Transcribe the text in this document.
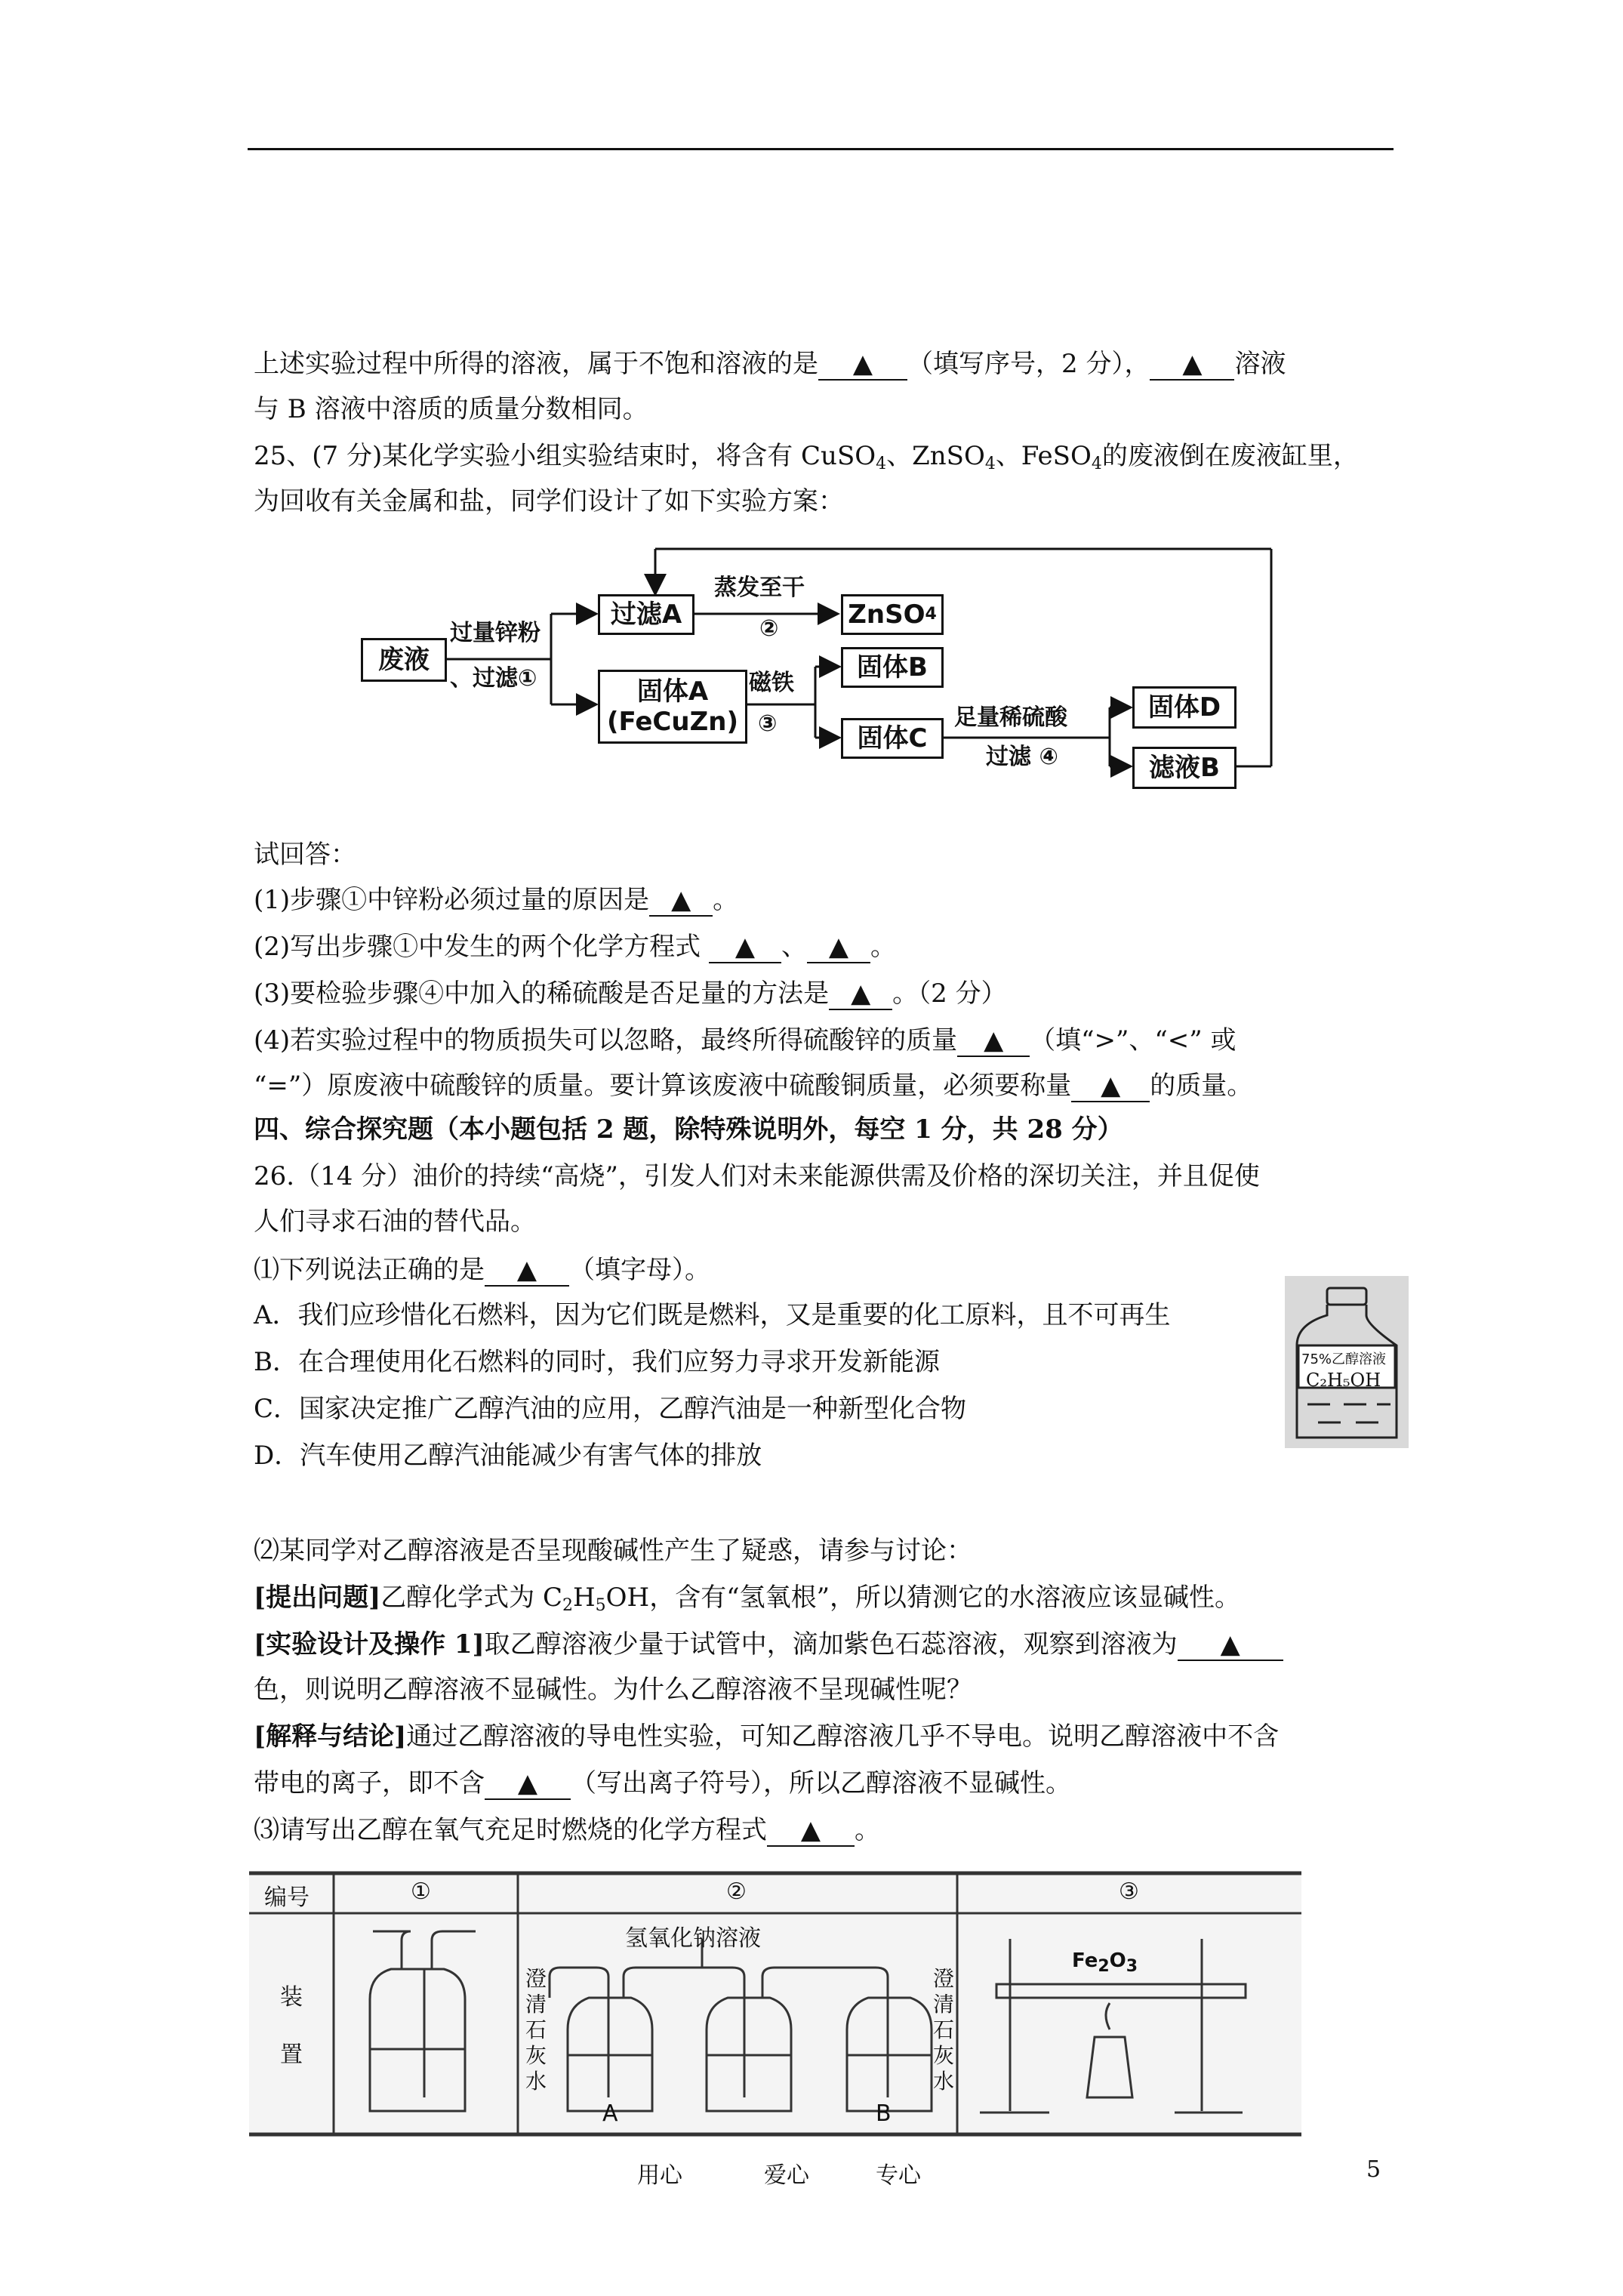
上述实验过程中所得的溶液，属于不饱和溶液的是 ▲ （填写序号，2 分）， ▲ 溶液
与 B 溶液中溶质的质量分数相同。
25、(7 分)某化学实验小组实验结束时，将含有 CuSO$_4$、ZnSO$_4$、FeSO$_4$的废液倒在废液缸里，
为回收有关金属和盐，同学们设计了如下实验方案：
废液
过量锌粉
、过滤①
过滤A
蒸发至干
②	ZnSO 4
固体A
(FeCuZn)
磁铁
③
固体B
固体C
足量稀硫酸
过滤 ④
固体D
滤液B
试回答：
(1)步骤①中锌粉必须过量的原因是 ▲ 。
(2)写出步骤①中发生的两个化学方程式 ▲ 、 ▲ 。
(3)要检验步骤④中加入的稀硫酸是否足量的方法是 ▲ 。（2 分）
(4)若实验过程中的物质损失可以忽略，最终所得硫酸锌的质量 ▲ （填“>”、“<” 或
“=”）原废液中硫酸锌的质量。要计算该废液中硫酸铜质量，必须要称量 ▲ 的质量。
四、综合探究题（本小题包括 2 题，除特殊说明外，每空 1 分，共 28 分）
26.（14 分）油价的持续“高烧”，引发人们对未来能源供需及价格的深切关注，并且促使
人们寻求石油的替代品。
⑴下列说法正确的是 ▲ （填字母）。
A．我们应珍惜化石燃料，因为它们既是燃料，又是重要的化工原料，且不可再生
B．在合理使用化石燃料的同时，我们应努力寻求开发新能源
C．国家决定推广乙醇汽油的应用，乙醇汽油是一种新型化合物
D．汽车使用乙醇汽油能减少有害气体的排放
75%乙醇溶液
C₂H₅OH
⑵某同学对乙醇溶液是否呈现酸碱性产生了疑惑，请参与讨论：
[提出问题]乙醇化学式为 $C_2H_5OH$，含有“氢氧根”，所以猜测它的水溶液应该显碱性。
[实验设计及操作 1]取乙醇溶液少量于试管中，滴加紫色石蕊溶液，观察到溶液为 ▲
色，则说明乙醇溶液不显碱性。为什么乙醇溶液不呈现碱性呢？
[解释与结论]通过乙醇溶液的导电性实验，可知乙醇溶液几乎不导电。说明乙醇溶液中不含
带电的离子，即不含 ▲ （写出离子符号），所以乙醇溶液不显碱性。
⑶请写出乙醇在氧气充足时燃烧的化学方程式 ▲ 。
编号	①	②	③
装置
氢氧化钠溶液
澄清石灰水
澄清石灰水
A	B
$Fe_2O_3$
用心	爱心	专心	5
